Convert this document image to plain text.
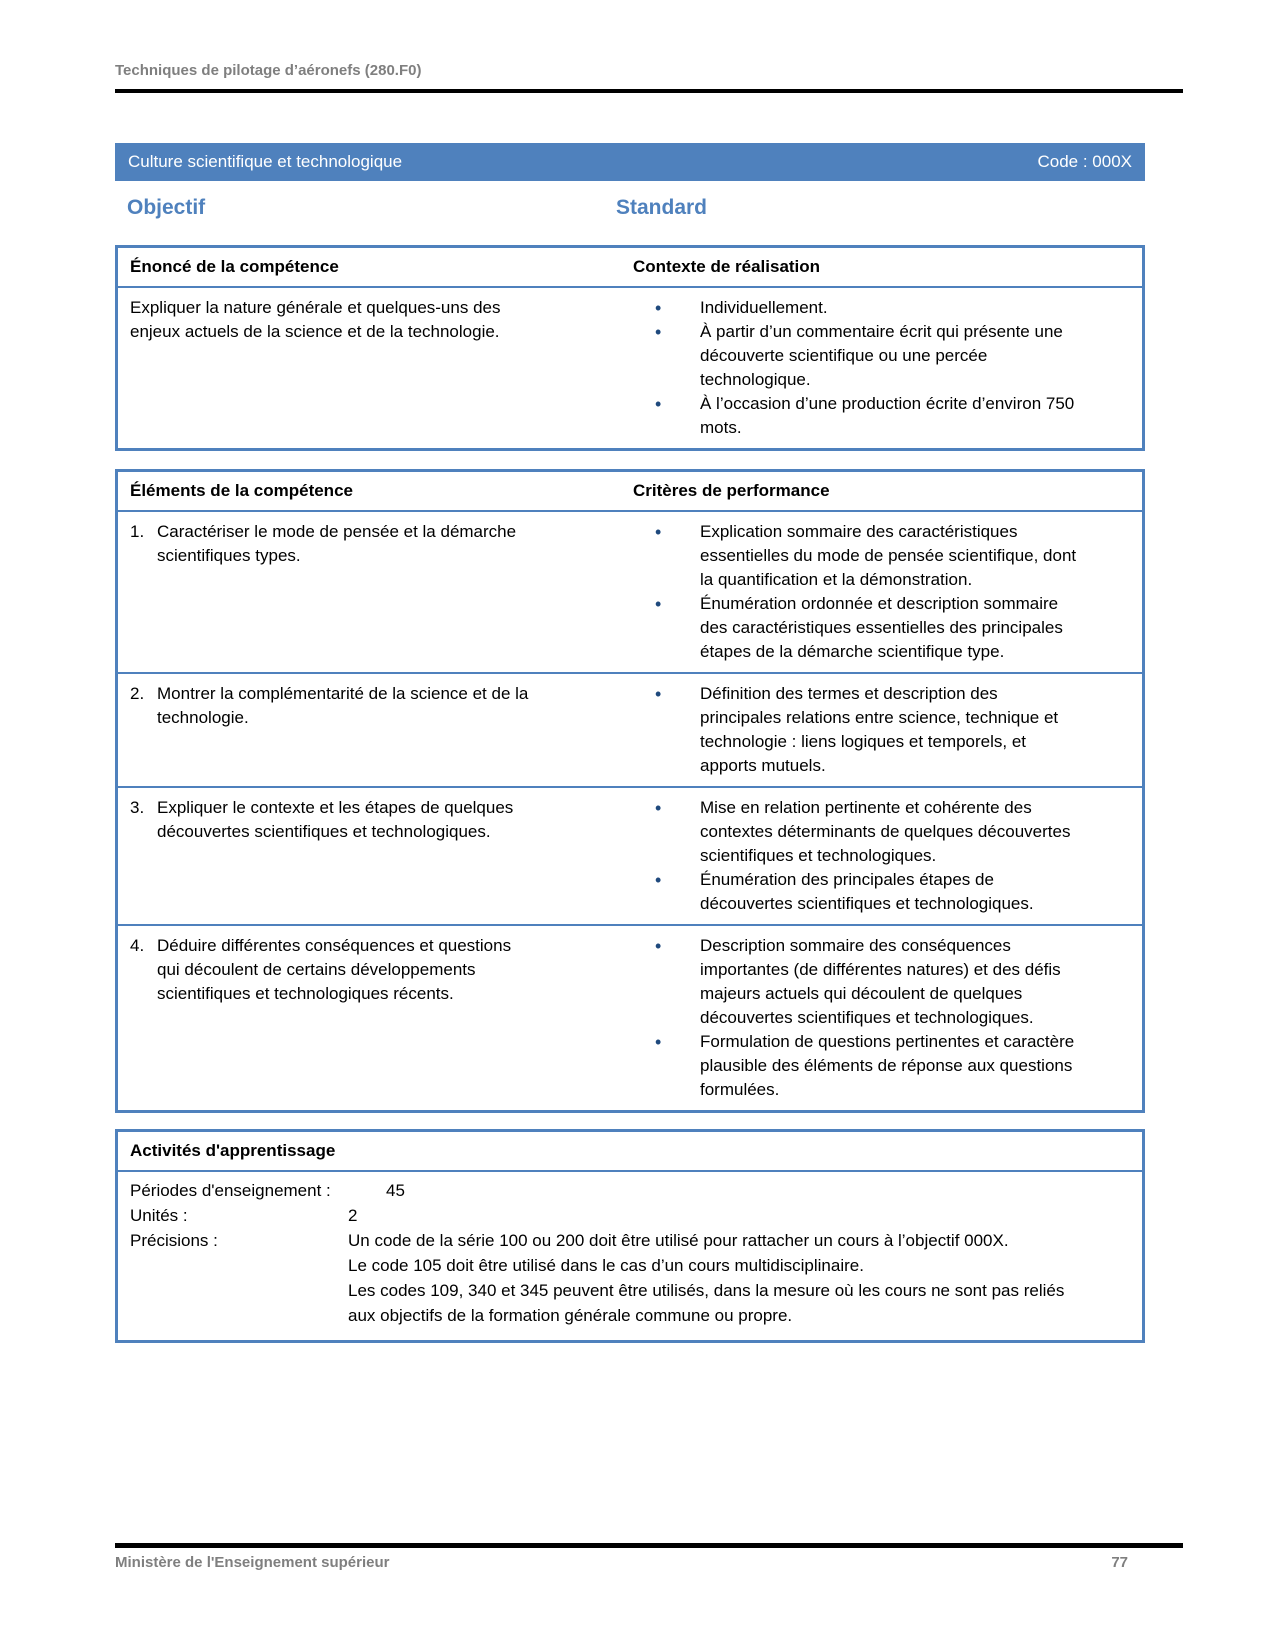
Techniques de pilotage d’aéronefs (280.F0)
Culture scientifique et technologique	Code : 000X
Objectif	Standard
Énoncé de la compétence	Contexte de réalisation

Expliquer la nature générale et quelques-uns des enjeux actuels de la science et de la technologie.

•	Individuellement.
•	À partir d’un commentaire écrit qui présente une découverte scientifique ou une percée technologique.
•	À l’occasion d’une production écrite d’environ 750 mots.
Éléments de la compétence	Critères de performance
1. Caractériser le mode de pensée et la démarche scientifiques types.
•	Explication sommaire des caractéristiques essentielles du mode de pensée scientifique, dont la quantification et la démonstration.
•	Énumération ordonnée et description sommaire des caractéristiques essentielles des principales étapes de la démarche scientifique type.
2. Montrer la complémentarité de la science et de la technologie.
•	Définition des termes et description des principales relations entre science, technique et technologie : liens logiques et temporels, et apports mutuels.
3. Expliquer le contexte et les étapes de quelques découvertes scientifiques et technologiques.
•	Mise en relation pertinente et cohérente des contextes déterminants de quelques découvertes scientifiques et technologiques.
•	Énumération des principales étapes de découvertes scientifiques et technologiques.
4. Déduire différentes conséquences et questions qui découlent de certains développements scientifiques et technologiques récents.
•	Description sommaire des conséquences importantes (de différentes natures) et des défis majeurs actuels qui découlent de quelques découvertes scientifiques et technologiques.
•	Formulation de questions pertinentes et caractère plausible des éléments de réponse aux questions formulées.
Activités d'apprentissage
Périodes d'enseignement :	45
Unités :	2
Précisions :	Un code de la série 100 ou 200 doit être utilisé pour rattacher un cours à l’objectif 000X.
Le code 105 doit être utilisé dans le cas d’un cours multidisciplinaire.
Les codes 109, 340 et 345 peuvent être utilisés, dans la mesure où les cours ne sont pas reliés aux objectifs de la formation générale commune ou propre.
Ministère de l'Enseignement supérieur	77
